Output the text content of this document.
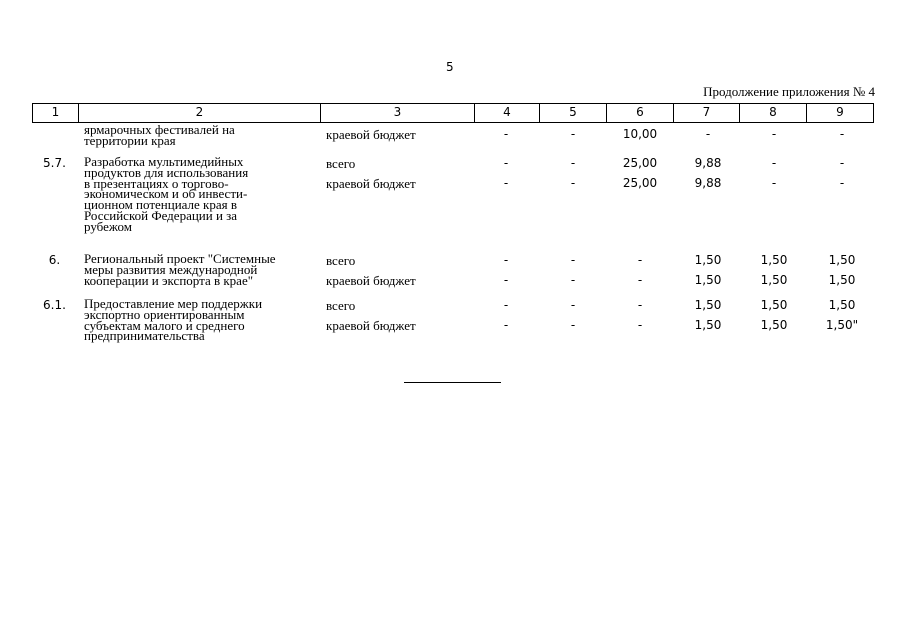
5
Продолжение приложения № 4
1	2	3	4	5	6	7	8	9
ярмарочных фестивалей на
территории края	краевой бюджет	-	-	10,00	-	-	-
5.7.	Разработка мультимедийных
продуктов для использования
в презентациях о торгово-
экономическом и об инвести-
ционном потенциале края в
Российской Федерации и за
рубежом
всего	-	-	25,00	9,88	-	-
краевой бюджет	-	-	25,00	9,88	-	-
6.	Региональный проект "Системные
меры развития международной
кооперации и экспорта в крае"
всего	-	-	-	1,50	1,50	1,50
краевой бюджет	-	-	-	1,50	1,50	1,50
6.1.	Предоставление мер поддержки
экспортно ориентированным
субъектам малого и среднего
предпринимательства
всего	-	-	-	1,50	1,50	1,50
краевой бюджет	-	-	-	1,50	1,50	1,50"
